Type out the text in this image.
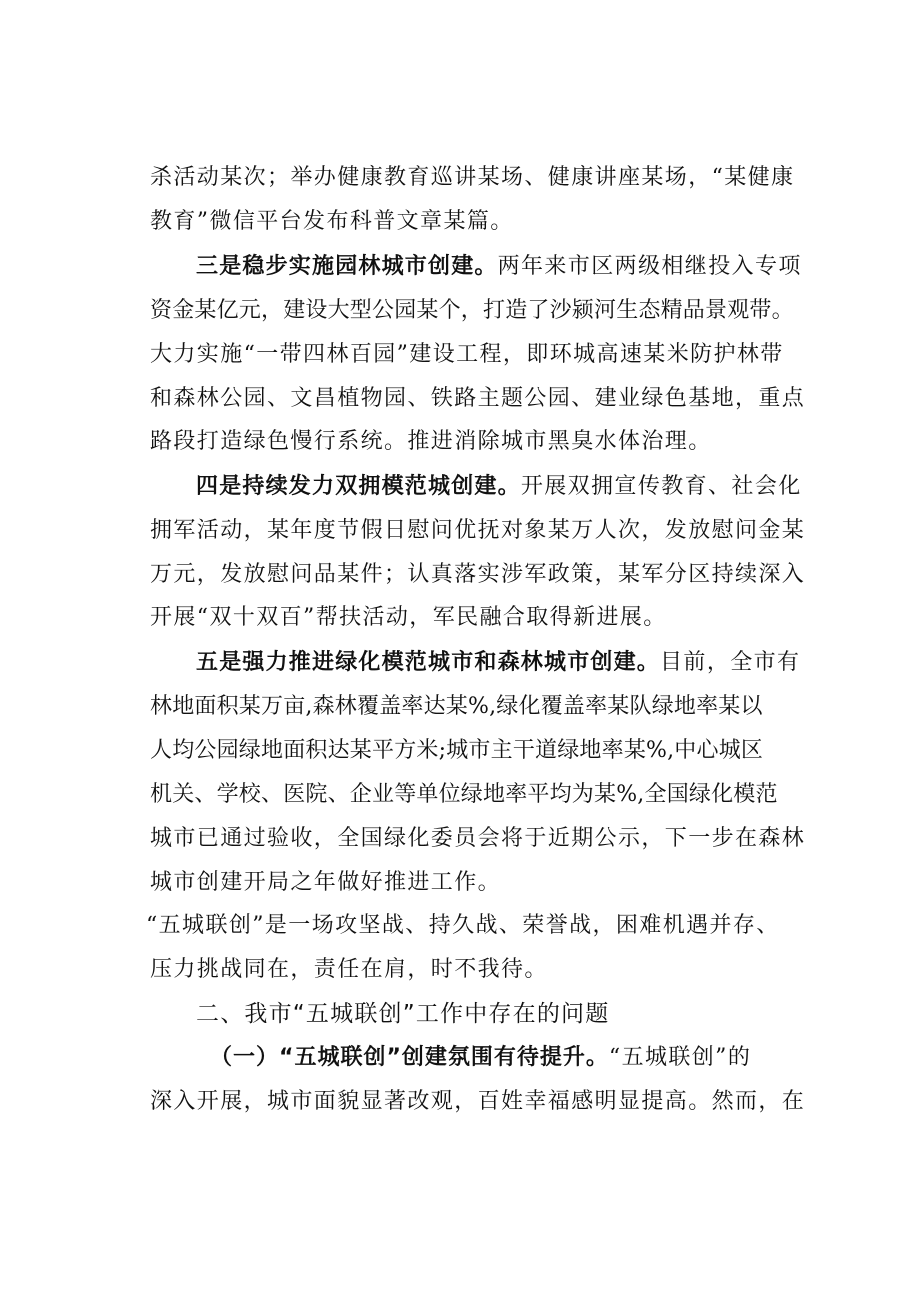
杀活动某次；举办健康教育巡讲某场、健康讲座某场，“某健康
教育”微信平台发布科普文章某篇。
三是稳步实施园林城市创建。两年来市区两级相继投入专项
资金某亿元，建设大型公园某个，打造了沙颍河生态精品景观带。
大力实施“一带四林百园”建设工程，即环城高速某米防护林带
和森林公园、文昌植物园、铁路主题公园、建业绿色基地，重点
路段打造绿色慢行系统。推进消除城市黑臭水体治理。
四是持续发力双拥模范城创建。开展双拥宣传教育、社会化
拥军活动，某年度节假日慰问优抚对象某万人次，发放慰问金某
万元，发放慰问品某件；认真落实涉军政策，某军分区持续深入
开展“双十双百”帮扶活动，军民融合取得新进展。
五是强力推进绿化模范城市和森林城市创建。目前，全市有
林地面积某万亩,森林覆盖率达某%,绿化覆盖率某队绿地率某以
人均公园绿地面积达某平方米;城市主干道绿地率某%,中心城区
机关、学校、医院、企业等单位绿地率平均为某%,全国绿化模范
城市已通过验收，全国绿化委员会将于近期公示，下一步在森林
城市创建开局之年做好推进工作。
“五城联创”是一场攻坚战、持久战、荣誉战，困难机遇并存、
压力挑战同在，责任在肩，时不我待。
二、我市“五城联创”工作中存在的问题
（一）“五城联创”创建氛围有待提升。“五城联创”的
深入开展，城市面貌显著改观，百姓幸福感明显提高。然而，在
